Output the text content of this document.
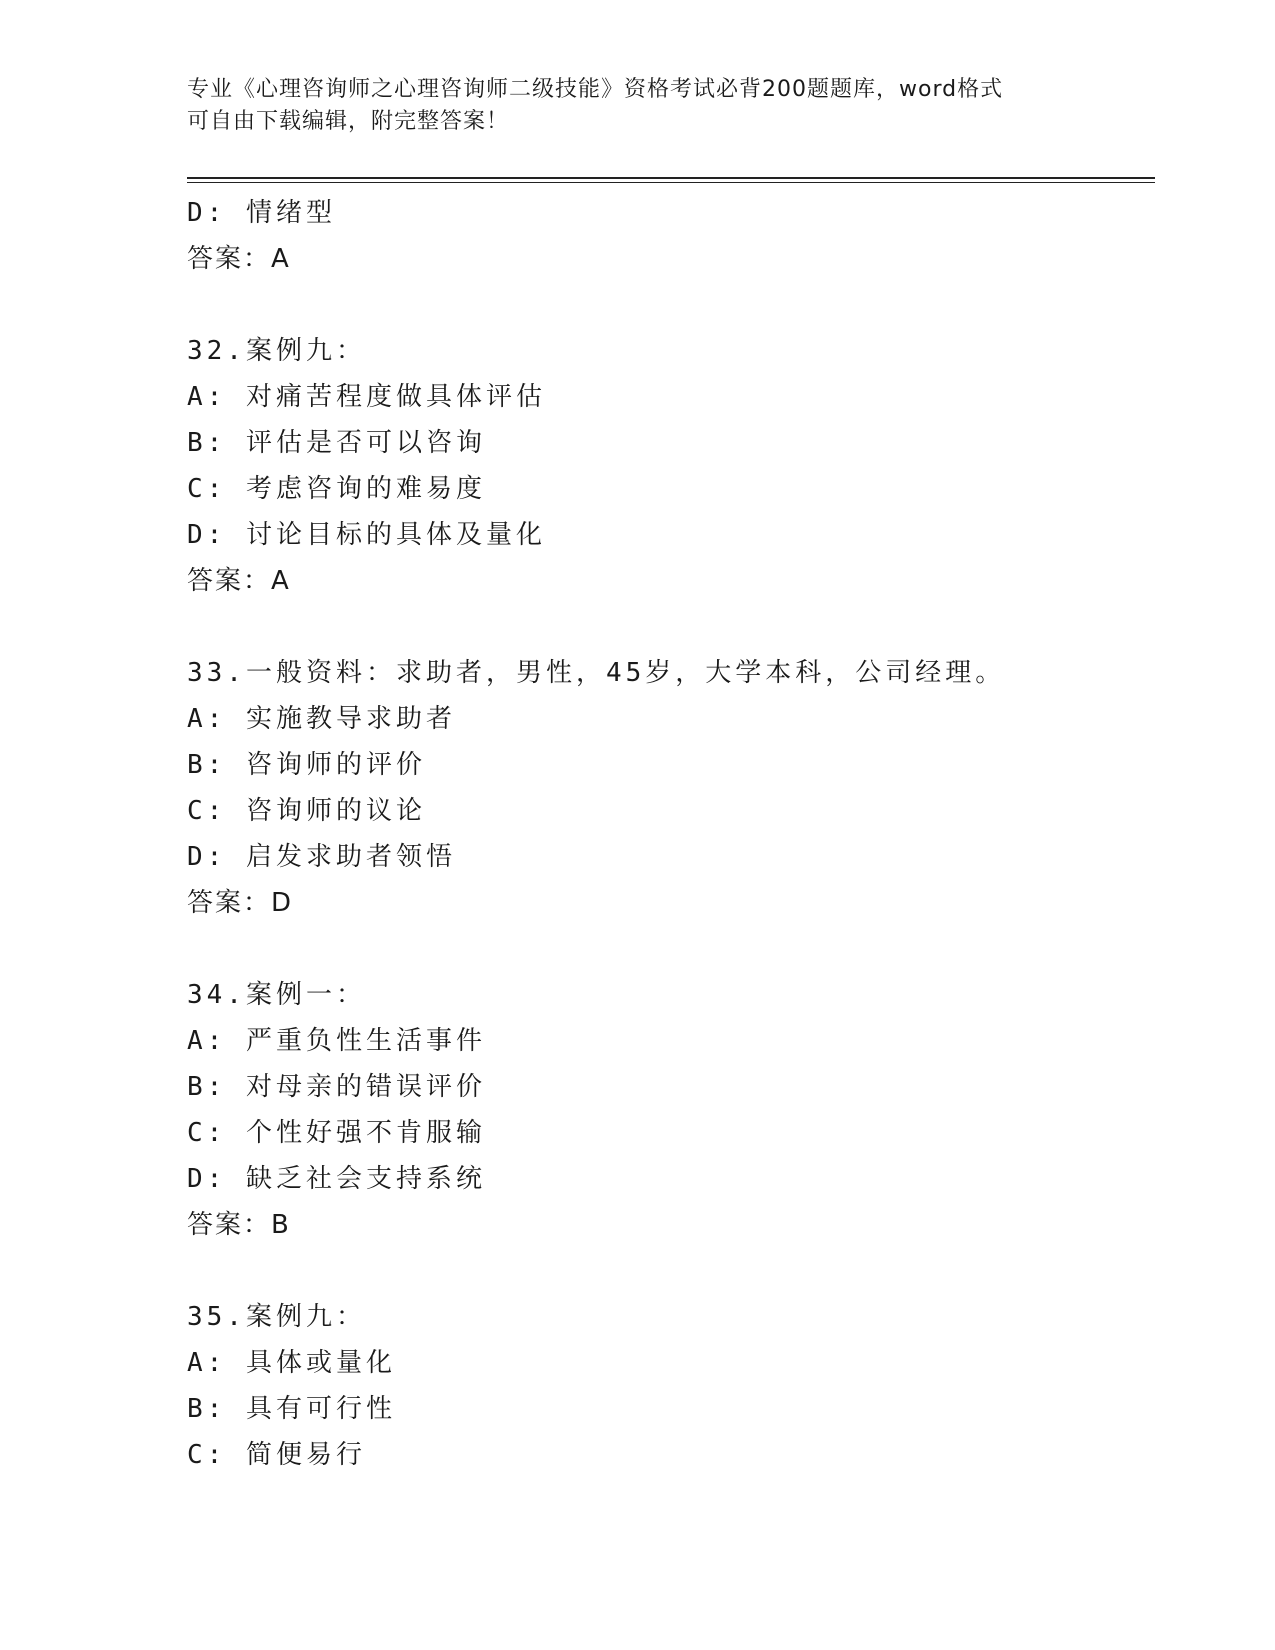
专业《心理咨询师之心理咨询师二级技能》资格考试必背200题题库，word格式
可自由下载编辑，附完整答案！
D: 情绪型
答案：A
32.案例九：
A: 对痛苦程度做具体评估
B: 评估是否可以咨询
C: 考虑咨询的难易度
D: 讨论目标的具体及量化
答案：A
33.一般资料：求助者，男性，45岁，大学本科，公司经理。
A: 实施教导求助者
B: 咨询师的评价
C: 咨询师的议论
D: 启发求助者领悟
答案：D
34.案例一：
A: 严重负性生活事件
B: 对母亲的错误评价
C: 个性好强不肯服输
D: 缺乏社会支持系统
答案：B
35.案例九：
A: 具体或量化
B: 具有可行性
C: 简便易行
